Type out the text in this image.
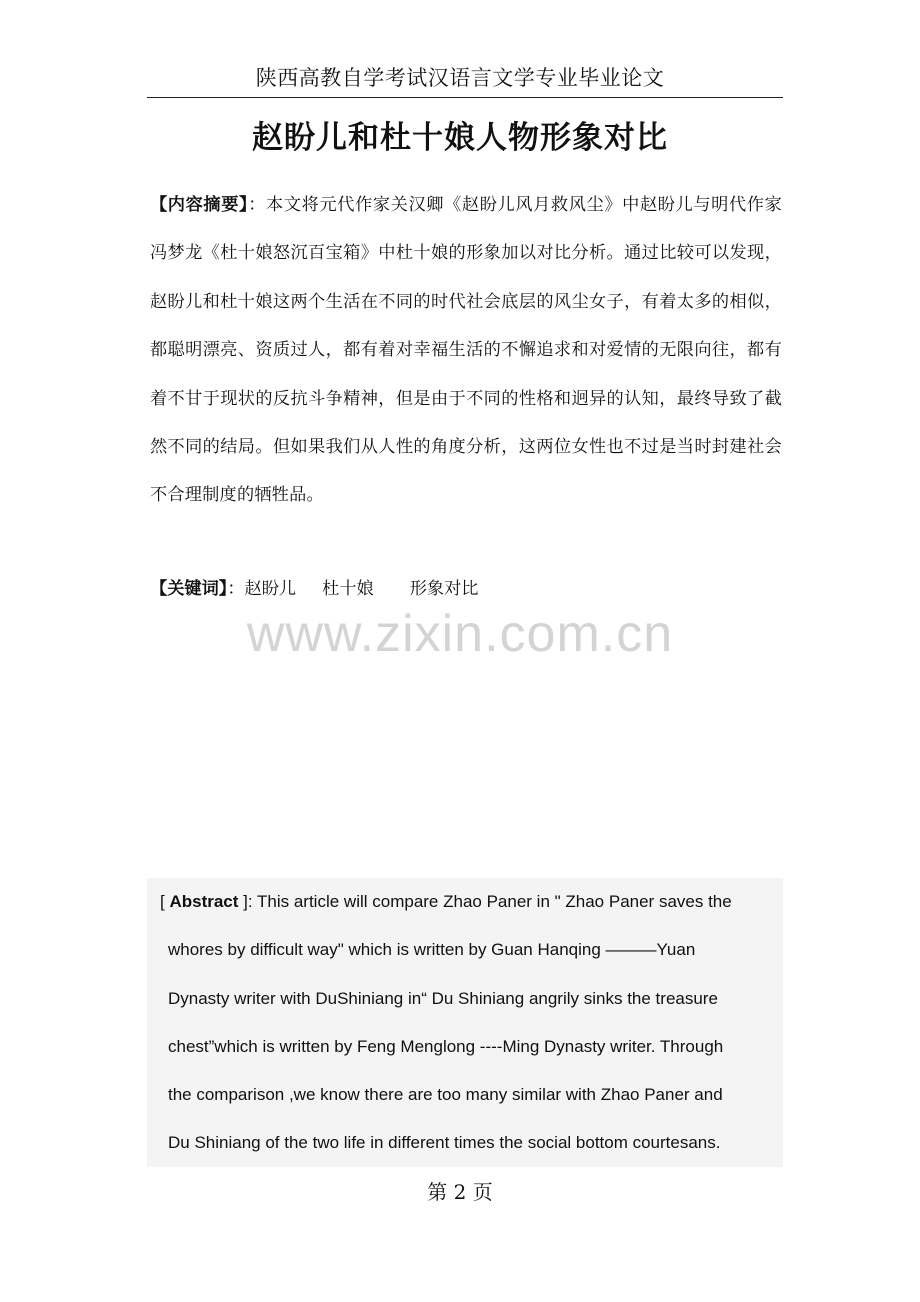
陕西高教自学考试汉语言文学专业毕业论文
赵盼儿和杜十娘人物形象对比
【内容摘要】：本文将元代作家关汉卿《赵盼儿风月救风尘》中赵盼儿与明代作家冯梦龙《杜十娘怒沉百宝箱》中杜十娘的形象加以对比分析。通过比较可以发现，赵盼儿和杜十娘这两个生活在不同的时代社会底层的风尘女子，有着太多的相似，都聪明漂亮、资质过人，都有着对幸福生活的不懈追求和对爱情的无限向往，都有着不甘于现状的反抗斗争精神，但是由于不同的性格和迥异的认知，最终导致了截然不同的结局。但如果我们从人性的角度分析，这两位女性也不过是当时封建社会不合理制度的牺牲品。
【关键词】：赵盼儿 杜十娘 形象对比
www.zixin.com.cn
[ Abstract ]: This article will compare Zhao Paner in " Zhao Paner saves the
whores by difficult way" which is written by Guan Hanqing ———Yuan
Dynasty writer with DuShiniang in“ Du Shiniang angrily sinks the treasure
chest”which is written by Feng Menglong ----Ming Dynasty writer. Through
the comparison ,we know there are too many similar with Zhao Paner and
Du Shiniang of the two life in different times the social bottom courtesans.
第 2 页
